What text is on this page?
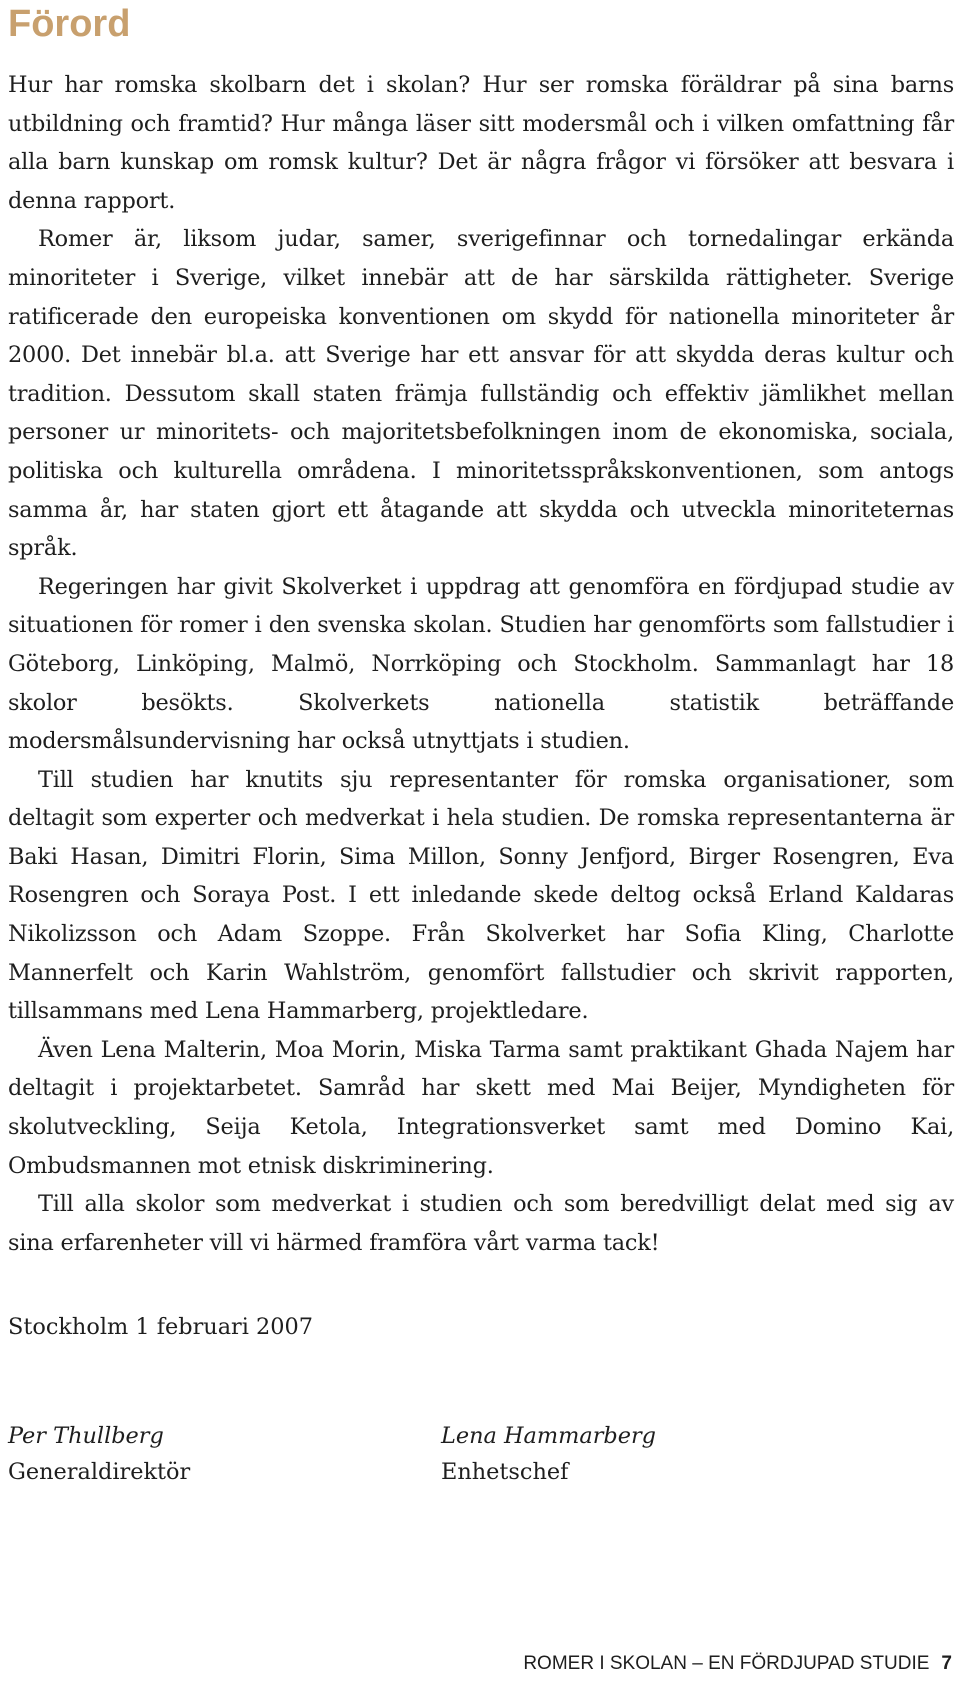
Förord

Hur har romska skolbarn det i skolan? Hur ser romska föräldrar på sina barns utbildning och framtid? Hur många läser sitt modersmål och i vilken omfattning får alla barn kunskap om romsk kultur? Det är några frågor vi försöker att besvara i denna rapport.

Romer är, liksom judar, samer, sverigefinnar och tornedalingar erkända minoriteter i Sverige, vilket innebär att de har särskilda rättigheter. Sverige ratificerade den europeiska konventionen om skydd för nationella minoriteter år 2000. Det innebär bl.a. att Sverige har ett ansvar för att skydda deras kultur och tradition. Dessutom skall staten främja fullständig och effektiv jämlikhet mellan personer ur minoritets- och majoritetsbefolkningen inom de ekonomiska, sociala, politiska och kulturella områdena. I minoritetsspråkskonventionen, som antogs samma år, har staten gjort ett åtagande att skydda och utveckla minoriteternas språk.

Regeringen har givit Skolverket i uppdrag att genomföra en fördjupad studie av situationen för romer i den svenska skolan. Studien har genomförts som fallstudier i Göteborg, Linköping, Malmö, Norrköping och Stockholm. Sammanlagt har 18 skolor besökts. Skolverkets nationella statistik beträffande modersmålsundervisning har också utnyttjats i studien.

Till studien har knutits sju representanter för romska organisationer, som deltagit som experter och medverkat i hela studien. De romska representanterna är Baki Hasan, Dimitri Florin, Sima Millon, Sonny Jenfjord, Birger Rosengren, Eva Rosengren och Soraya Post. I ett inledande skede deltog också Erland Kaldaras Nikolizsson och Adam Szoppe. Från Skolverket har Sofia Kling, Charlotte Mannerfelt och Karin Wahlström, genomfört fallstudier och skrivit rapporten, tillsammans med Lena Hammarberg, projektledare.

Även Lena Malterin, Moa Morin, Miska Tarma samt praktikant Ghada Najem har deltagit i projektarbetet. Samråd har skett med Mai Beijer, Myndigheten för skolutveckling, Seija Ketola, Integrationsverket samt med Domino Kai, Ombudsmannen mot etnisk diskriminering.

Till alla skolor som medverkat i studien och som beredvilligt delat med sig av sina erfarenheter vill vi härmed framföra vårt varma tack!

Stockholm 1 februari 2007
Per Thullberg
Generaldirektör
Lena Hammarberg
Enhetschef
ROMER I SKOLAN – EN FÖRDJUPAD STUDIE 7
